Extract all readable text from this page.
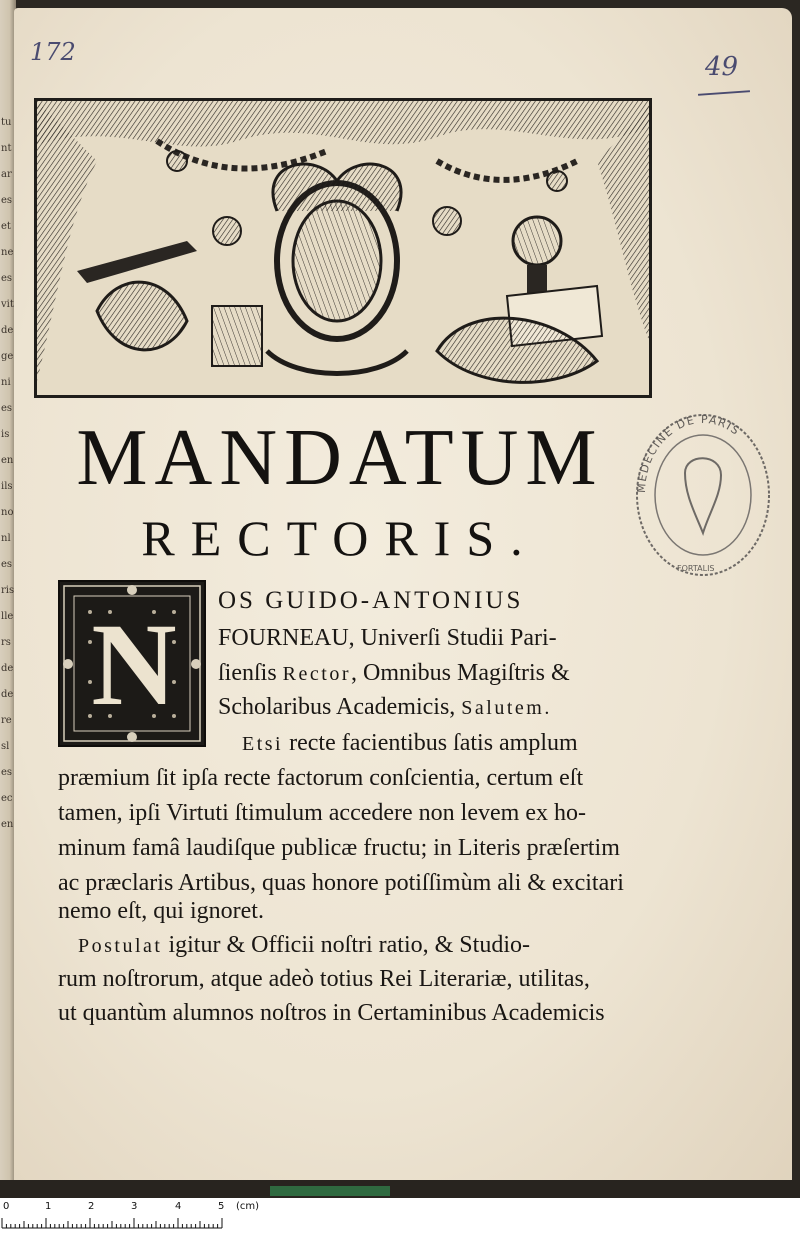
tuntaresetneesvitdegeniesisenilsnonlesrisllersdedereslesecen
172	49
MANDATUM
RECTORIS.
MEDECINE DE PARIS
FORTALIS
N OS GUIDO-ANTONIUS
FOURNEAU, Univerſi Studii Pari-
ſienſis Rector, Omnibus Magiſtris &
Scholaribus Academicis, Salutem.
Etsi recte facientibus ſatis amplum
præmium ſit ipſa recte factorum conſcientia, certum eſt
tamen, ipſi Virtuti ſtimulum accedere non levem ex ho-
minum famâ laudiſque publicæ fructu; in Literis præſertim
ac præclaris Artibus, quas honore potiſſimùm ali & excitari
nemo eſt, qui ignoret.
Postulat igitur & Officii noſtri ratio, & Studio-
rum noſtrorum, atque adeò totius Rei Literariæ, utilitas,
ut quantùm alumnos noſtros in Certaminibus Academicis
0	1	2	3	4	5 (cm)
